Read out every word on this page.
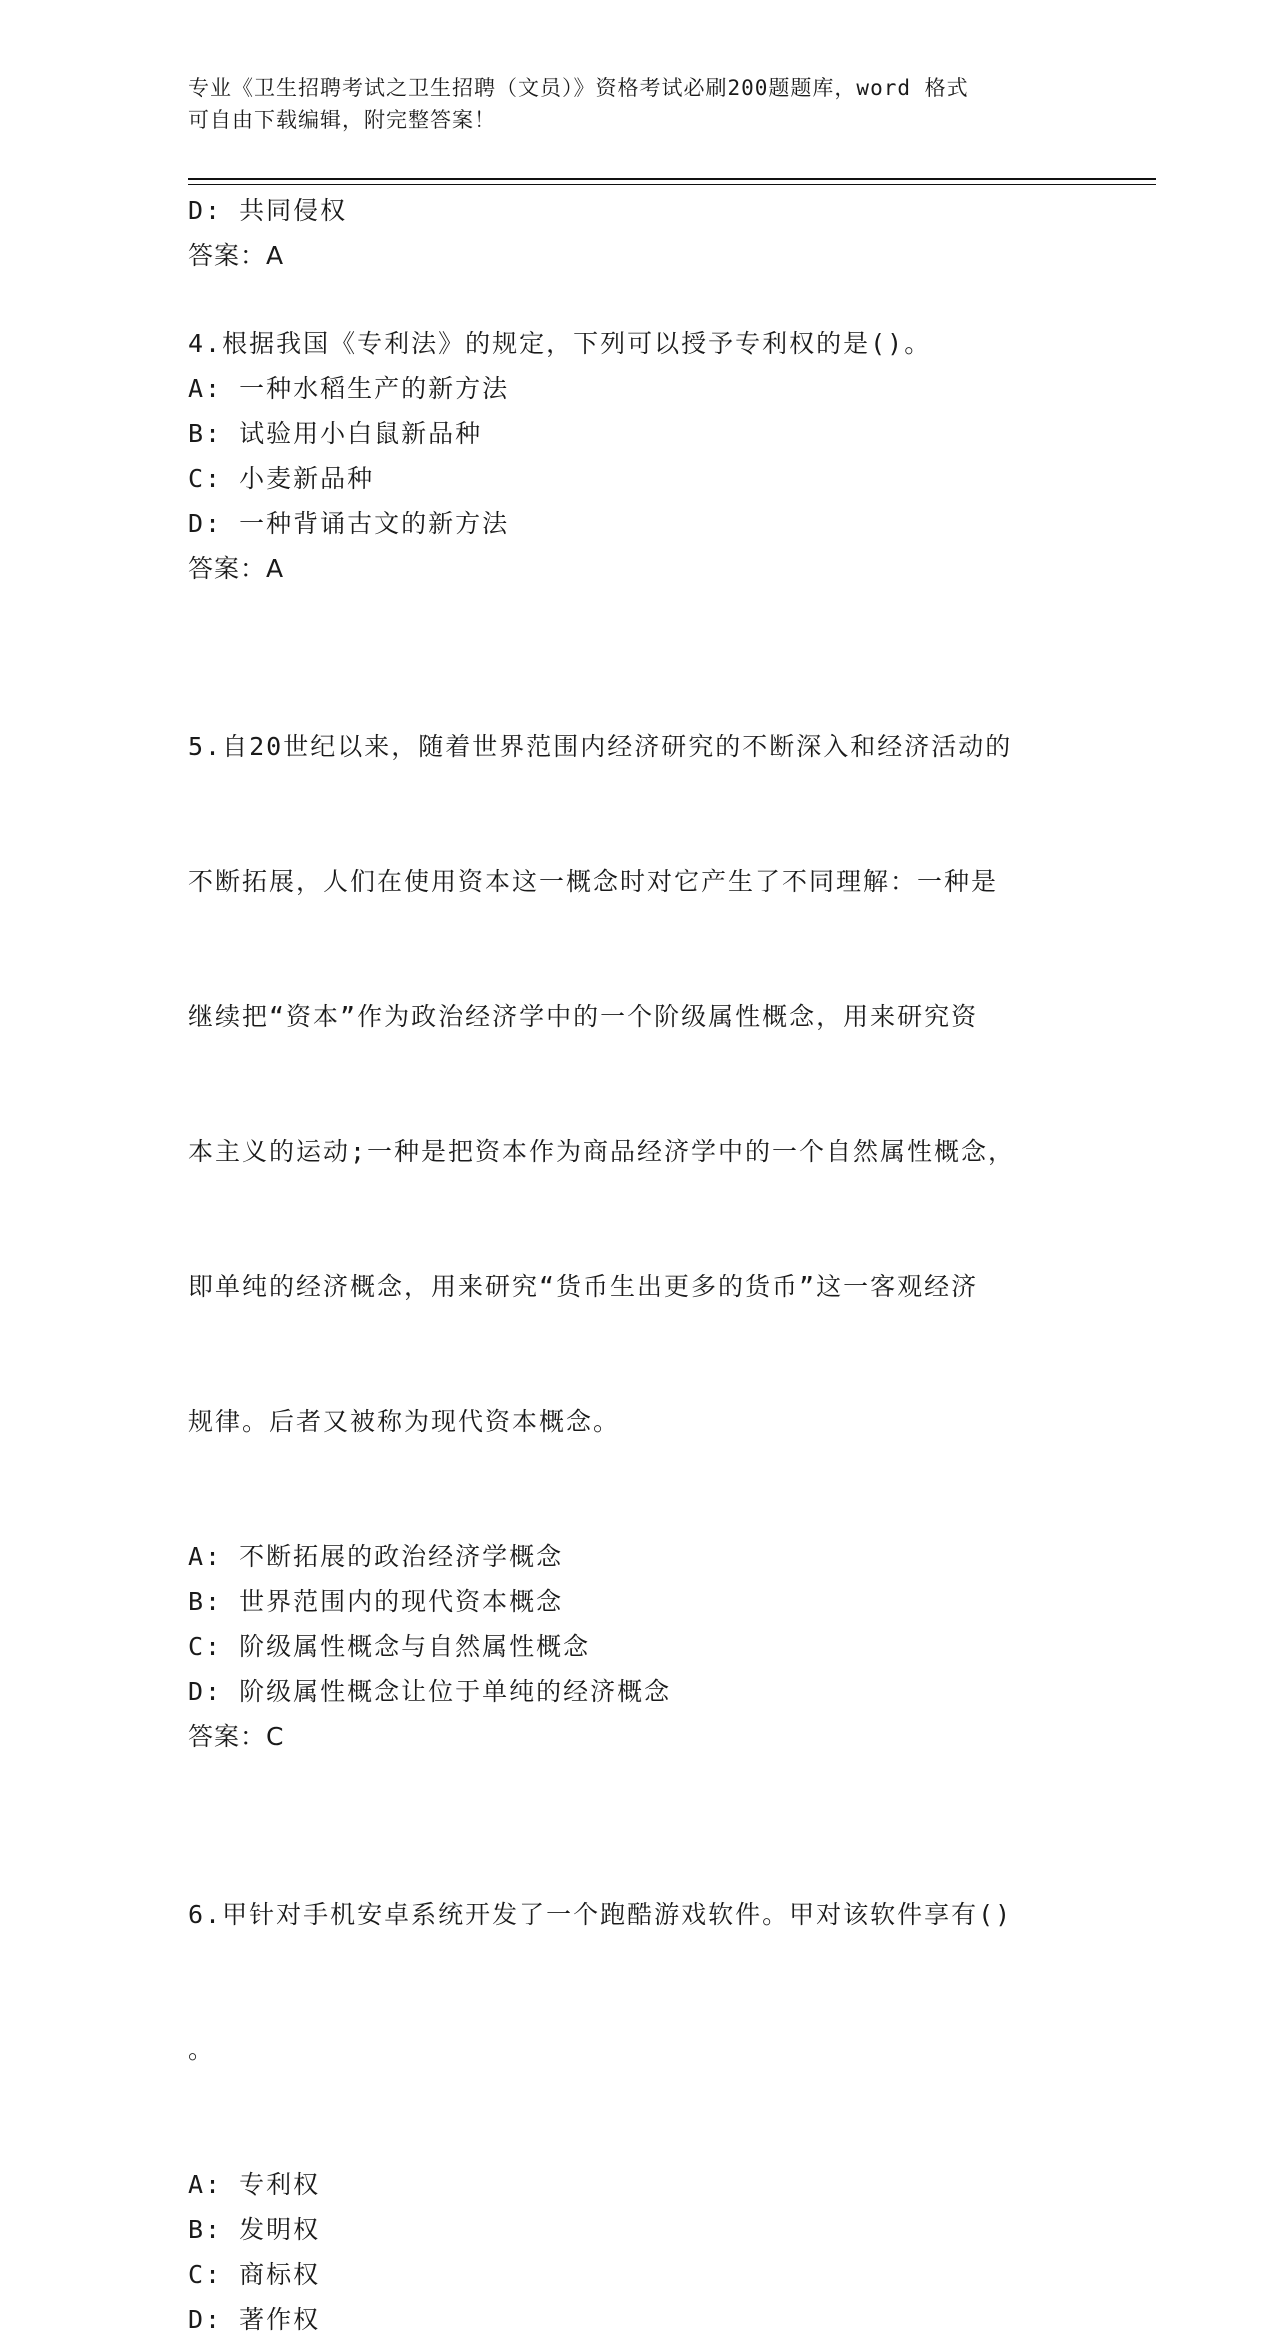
专业《卫生招聘考试之卫生招聘（文员）》资格考试必刷200题题库，word 格式
可自由下载编辑，附完整答案！

D: 共同侵权

答案：A

4.根据我国《专利法》的规定，下列可以授予专利权的是()。

A: 一种水稻生产的新方法

B: 试验用小白鼠新品种

C: 小麦新品种

D: 一种背诵古文的新方法

答案：A

5.自20世纪以来，随着世界范围内经济研究的不断深入和经济活动的

不断拓展，人们在使用资本这一概念时对它产生了不同理解：一种是

继续把“资本”作为政治经济学中的一个阶级属性概念，用来研究资

本主义的运动;一种是把资本作为商品经济学中的一个自然属性概念，

即单纯的经济概念，用来研究“货币生出更多的货币”这一客观经济

规律。后者又被称为现代资本概念。

A: 不断拓展的政治经济学概念

B: 世界范围内的现代资本概念

C: 阶级属性概念与自然属性概念

D: 阶级属性概念让位于单纯的经济概念

答案：C

6.甲针对手机安卓系统开发了一个跑酷游戏软件。甲对该软件享有()

。

A: 专利权

B: 发明权

C: 商标权

D: 著作权
